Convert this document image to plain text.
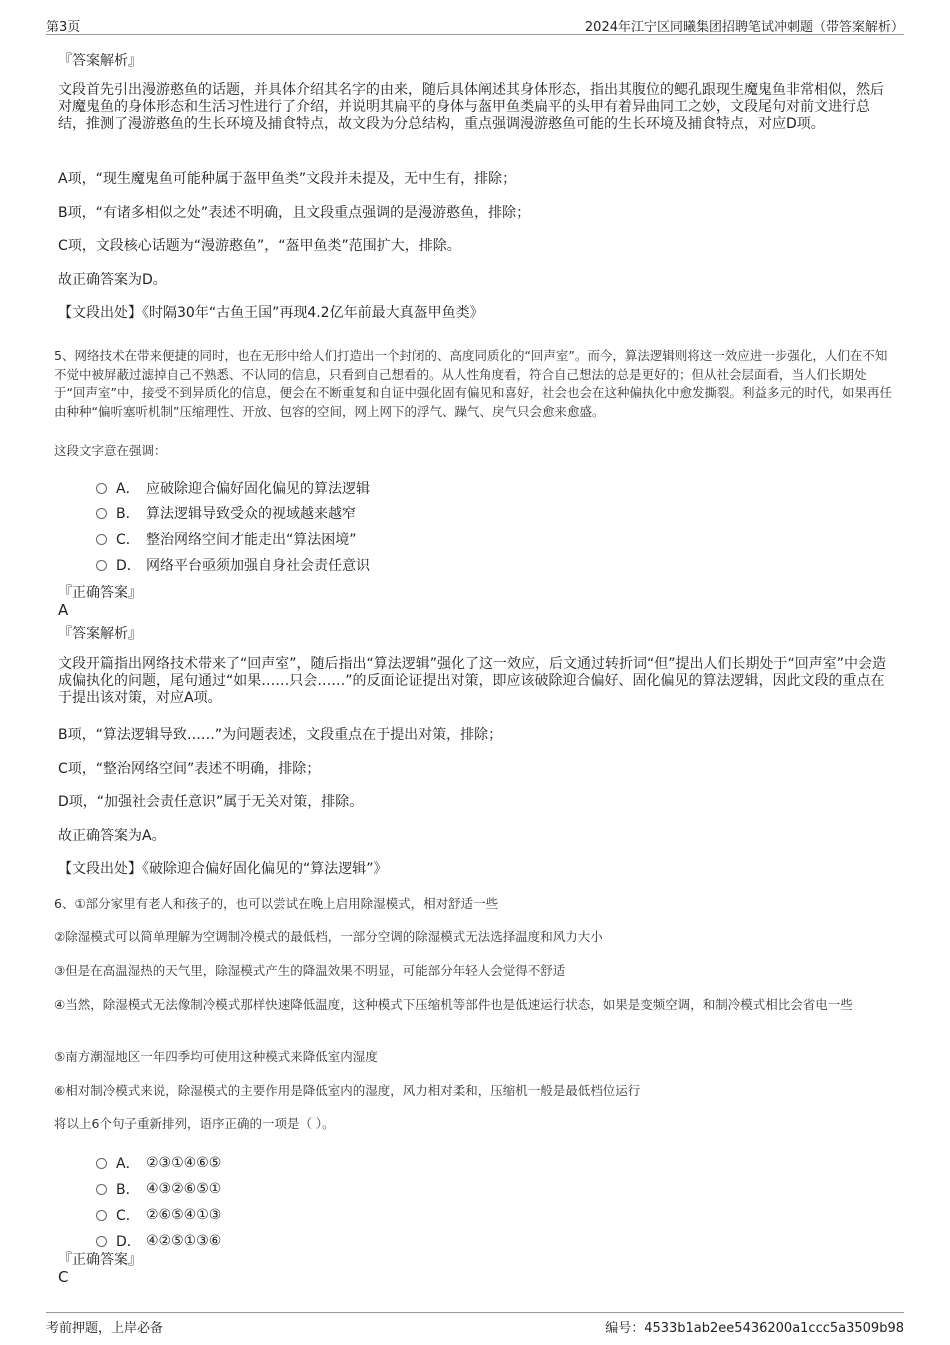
第3页	2024年江宁区同曦集团招聘笔试冲刺题（带答案解析）
『答案解析』
文段首先引出漫游憨鱼的话题，并具体介绍其名字的由来，随后具体阐述其身体形态，指出其腹位的鳃孔跟现生魔鬼鱼非常相似，然后对魔鬼鱼的身体形态和生活习性进行了介绍，并说明其扁平的身体与盔甲鱼类扁平的头甲有着异曲同工之妙，文段尾句对前文进行总结，推测了漫游憨鱼的生长环境及捕食特点，故文段为分总结构，重点强调漫游憨鱼可能的生长环境及捕食特点，对应D项。
A项，“现生魔鬼鱼可能种属于盔甲鱼类”文段并未提及，无中生有，排除；
B项，“有诸多相似之处”表述不明确，且文段重点强调的是漫游憨鱼，排除；
C项，文段核心话题为“漫游憨鱼”，“盔甲鱼类”范围扩大，排除。
故正确答案为D。
【文段出处】《时隔30年“古鱼王国”再现4.2亿年前最大真盔甲鱼类》
5、网络技术在带来便捷的同时，也在无形中给人们打造出一个封闭的、高度同质化的“回声室”。而今，算法逻辑则将这一效应进一步强化，人们在不知不觉中被屏蔽过滤掉自己不熟悉、不认同的信息，只看到自己想看的。从人性角度看，符合自己想法的总是更好的；但从社会层面看，当人们长期处于“回声室”中，接受不到异质化的信息，便会在不断重复和自证中强化固有偏见和喜好，社会也会在这种偏执化中愈发撕裂。利益多元的时代，如果再任由种种“偏听塞听机制”压缩理性、开放、包容的空间，网上网下的浮气、躁气、戾气只会愈来愈盛。
这段文字意在强调：
A． 应破除迎合偏好固化偏见的算法逻辑
B． 算法逻辑导致受众的视域越来越窄
C． 整治网络空间才能走出“算法困境”
D． 网络平台亟须加强自身社会责任意识
『正确答案』
A
『答案解析』
文段开篇指出网络技术带来了“回声室”，随后指出“算法逻辑”强化了这一效应，后文通过转折词“但”提出人们长期处于“回声室”中会造成偏执化的问题，尾句通过“如果……只会……”的反面论证提出对策，即应该破除迎合偏好、固化偏见的算法逻辑，因此文段的重点在于提出该对策，对应A项。
B项，“算法逻辑导致……”为问题表述，文段重点在于提出对策，排除；
C项，“整治网络空间”表述不明确，排除；
D项，“加强社会责任意识”属于无关对策，排除。
故正确答案为A。
【文段出处】《破除迎合偏好固化偏见的“算法逻辑”》
6、①部分家里有老人和孩子的，也可以尝试在晚上启用除湿模式，相对舒适一些
②除湿模式可以简单理解为空调制冷模式的最低档，一部分空调的除湿模式无法选择温度和风力大小
③但是在高温湿热的天气里，除湿模式产生的降温效果不明显，可能部分年轻人会觉得不舒适
④当然，除湿模式无法像制冷模式那样快速降低温度，这种模式下压缩机等部件也是低速运行状态，如果是变频空调，和制冷模式相比会省电一些
⑤南方潮湿地区一年四季均可使用这种模式来降低室内湿度
⑥相对制冷模式来说，除湿模式的主要作用是降低室内的湿度，风力相对柔和，压缩机一般是最低档位运行
将以上6个句子重新排列，语序正确的一项是（ ）。
A． ②③①④⑥⑤
B． ④③②⑥⑤①
C． ②⑥⑤④①③
D． ④②⑤①③⑥
『正确答案』
C
考前押题，上岸必备	编号：4533b1ab2ee5436200a1ccc5a3509b98
